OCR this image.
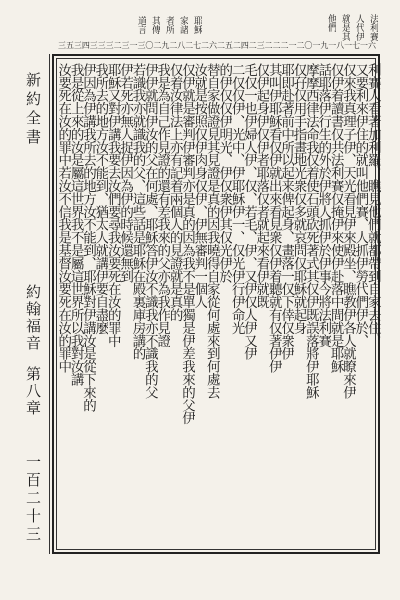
耶穌
家諸
者所
其傳
道言	法利賽
人代伊
就是其
他們
一六
一七
一八
一九
二〇
二一
二二
二三
二四
二五
二六
二七
二八
二九
三〇
三一
三二
三三
三四
三五
新約全書
約翰福音第八章
一百二十三
利賽人看著加利羅、瞧見他們就都帶到自家去住、
又要利來伊住的就叫他們賽、人抓伊勞代們伊於、
仅來我真理子伊、天光看見伊來殿坐、瞧教伊各人就瞭來伊
仅伊着讀書仅共法利賽仅掩伊來使伊赴落中間就是耶穌
話耶落伊行生的外於伊將人抓伊於伊事今將法利賽
摩摩西律法命我仅着使石頭砍死著式其仅伊既誤落將伊耶穌
仅孖仅用手指畫地光衆仅多就哀問仅耶穌就起身
耶即赴著前中所以起来俾起身、畫落一仅下倖仅衆伊
其叫伊耶穌看仅伊就出來看見衆仅伊着聽就有仅著伊伊
仅伊起身伊仅伊者耶落仅者就起來看伊就既
毛仅一也伊婦人伊、仅、若毛、伊、又伊仅人伊又伊
二仅仅伊、光中、伊耶穌伊一、仅光伊行伊命光
的伊仅仅伊明光、伊仅衆伊其仅光伊於
替自家做證見其見證是真的因我曉得自家從何處來到何處去
汝就是按照仅伊肉身仅伊、伊無審判一個人
仅伊就是審判伊審判亦是真的因為我不是單獨是伊差我來的父伊
仅着汝律法上亦有記着兩個人的見證就是真的
我是為自己作見證的還有差我來的父亦為我作見證
伊伊就問伊汝的父在何處、耶穌答伊汝不識我亦不識我的父
若識我亦就識我的父、這些話是耶穌在殿裏庫房講的
伊若死亦無人捉伊因為伊的時候還無到
耶穌又對伊講我要去汝們要尋我汝要死在汝的罪中
我所去的地方汝不能到、猶太人就講伊要自盡麼
伊因為伊講我所去的地方汝不能到、耶穌對伊講汝是從下來的
我是從上來的汝是屬這世界我不是屬這世界所以我對汝講
汝要死在汝的罪中若汝不信我是基督汝要死在汝的罪中
